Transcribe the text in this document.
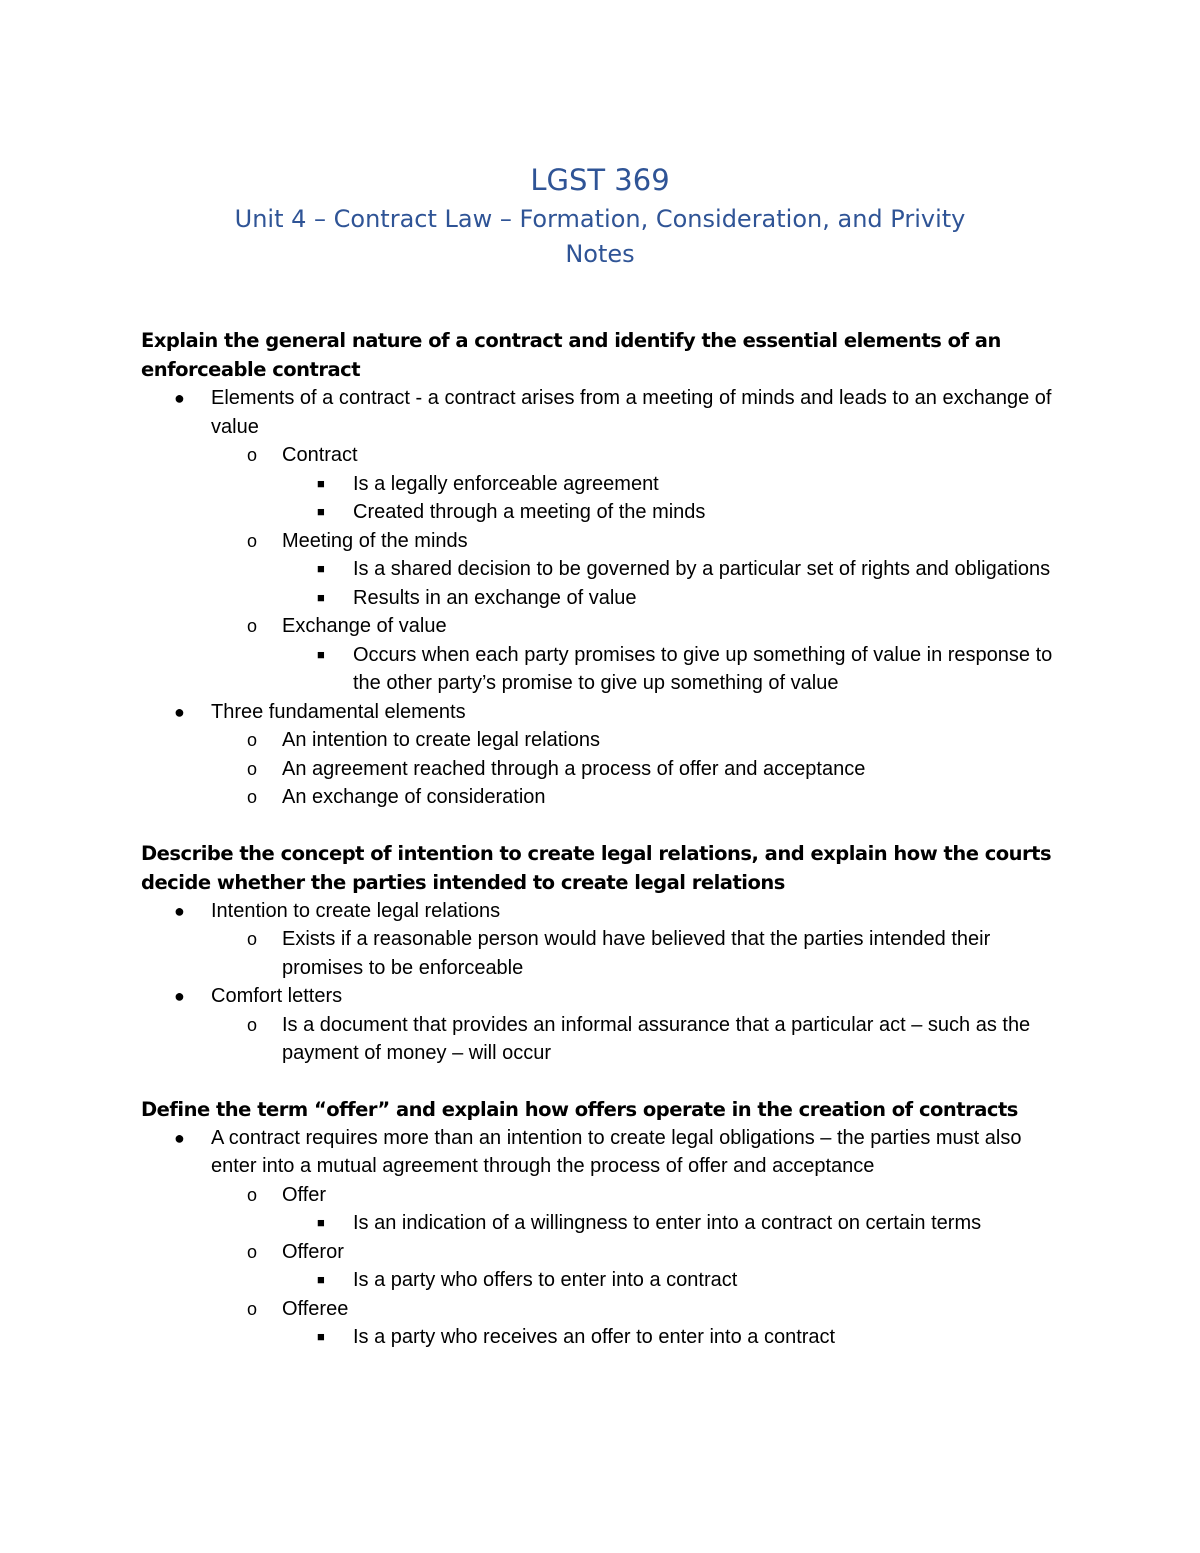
LGST 369
Unit 4 – Contract Law – Formation, Consideration, and Privity
Notes
Explain the general nature of a contract and identify the essential elements of an enforceable contract
● Elements of a contract - a contract arises from a meeting of minds and leads to an exchange of value
o Contract
■ Is a legally enforceable agreement
■ Created through a meeting of the minds
o Meeting of the minds
■ Is a shared decision to be governed by a particular set of rights and obligations
■ Results in an exchange of value
o Exchange of value
■ Occurs when each party promises to give up something of value in response to the other party’s promise to give up something of value
● Three fundamental elements
o An intention to create legal relations
o An agreement reached through a process of offer and acceptance
o An exchange of consideration
Describe the concept of intention to create legal relations, and explain how the courts decide whether the parties intended to create legal relations
● Intention to create legal relations
o Exists if a reasonable person would have believed that the parties intended their promises to be enforceable
● Comfort letters
o Is a document that provides an informal assurance that a particular act – such as the payment of money – will occur
Define the term “offer” and explain how offers operate in the creation of contracts
● A contract requires more than an intention to create legal obligations – the parties must also enter into a mutual agreement through the process of offer and acceptance
o Offer
■ Is an indication of a willingness to enter into a contract on certain terms
o Offeror
■ Is a party who offers to enter into a contract
o Offeree
■ Is a party who receives an offer to enter into a contract
